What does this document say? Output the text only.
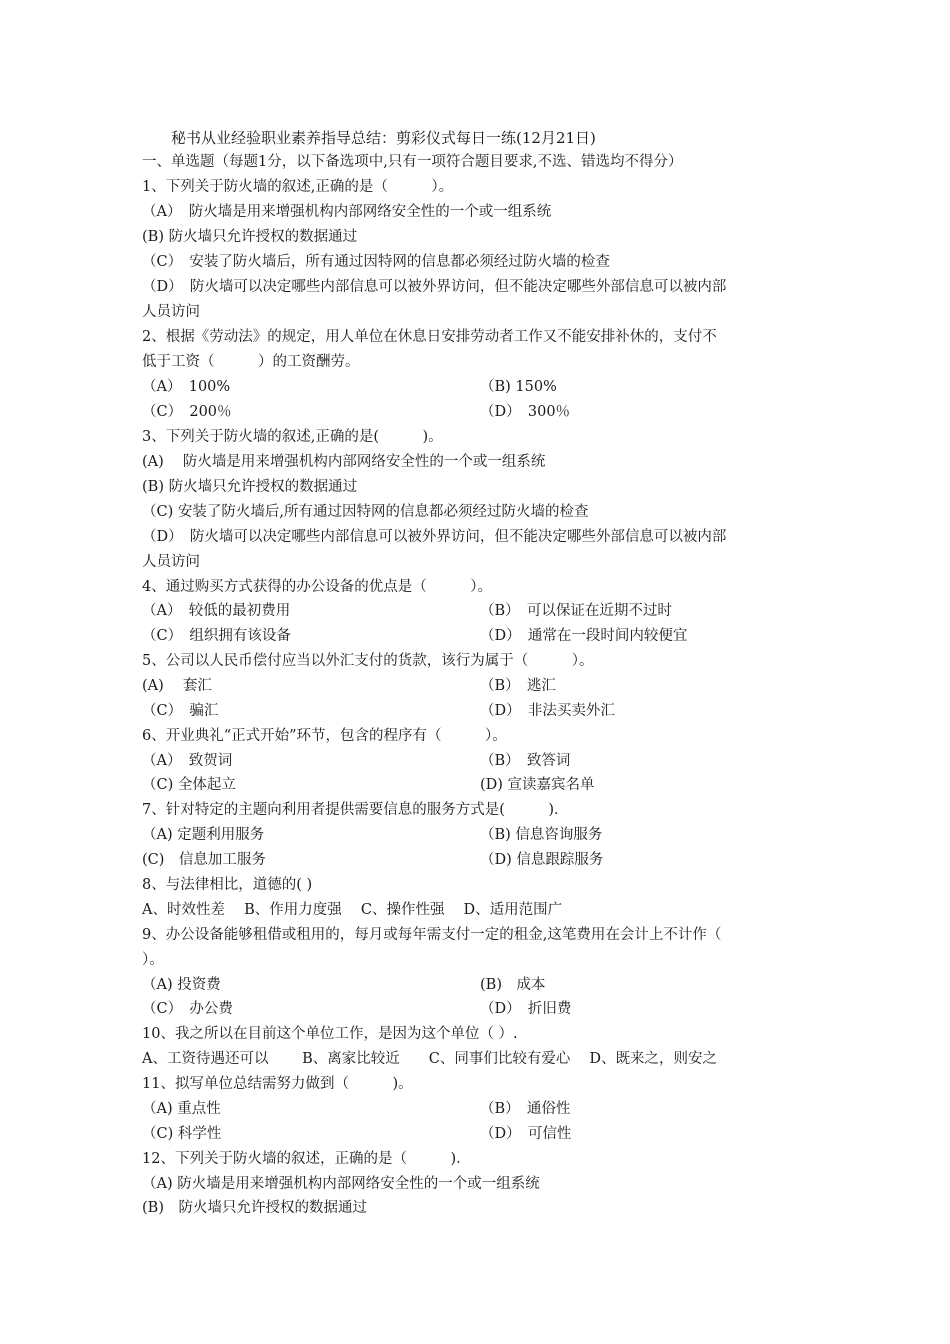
秘书从业经验职业素养指导总结：剪彩仪式每日一练(12月21日)
一、单选题（每题1分，以下备选项中,只有一项符合题目要求,不选、错选均不得分）
1、下列关于防火墙的叙述,正确的是（　　　）。
（A）　防火墙是用来增强机构内部网络安全性的一个或一组系统
(B) 防火墙只允许授权的数据通过
（C）　安装了防火墙后，所有通过因特网的信息都必须经过防火墙的检查
（D）　防火墙可以决定哪些内部信息可以被外界访问，但不能决定哪些外部信息可以被内部
人员访问
2、根据《劳动法》的规定，用人单位在休息日安排劳动者工作又不能安排补休的，支付不
低于工资（　　　）的工资酬劳。
（A）　100%	（B) 150%
（C）　200％	（D）　300％
3、下列关于防火墙的叙述,正确的是(　　　)。
(A)　 防火墙是用来增强机构内部网络安全性的一个或一组系统
(B) 防火墙只允许授权的数据通过
（C) 安装了防火墙后,所有通过因特网的信息都必须经过防火墙的检查
（D）　防火墙可以决定哪些内部信息可以被外界访问，但不能决定哪些外部信息可以被内部
人员访问
4、通过购买方式获得的办公设备的优点是（　　　）。
（A）　较低的最初费用	（B）　可以保证在近期不过时
（C）　组织拥有该设备	（D）　通常在一段时间内较便宜
5、公司以人民币偿付应当以外汇支付的货款，该行为属于（　　　）。
(A)　 套汇	（B）　逃汇
（C）　骗汇	（D）　非法买卖外汇
6、开业典礼“正式开始”环节，包含的程序有（　　　）。
（A）　致贺词	（B）　致答词
（C) 全体起立	(D) 宣读嘉宾名单
7、针对特定的主题向利用者提供需要信息的服务方式是(　　　)．
（A) 定题利用服务	（B) 信息咨询服务
(C)　信息加工服务	（D) 信息跟踪服务
8、与法律相比，道德的( )
A、时效性差　 B、作用力度强　 C、操作性强　 D、适用范围广
9、办公设备能够租借或租用的，每月或每年需支付一定的租金,这笔费用在会计上不计作（
）。
（A) 投资费	(B)　成本
（C）　办公费	（D）　折旧费
10、我之所以在目前这个单位工作，是因为这个单位（ ）.
A、工资待遇还可以　　 B、离家比较近　　C、同事们比较有爱心　 D、既来之，则安之
11、拟写单位总结需努力做到（　　　)。
（A) 重点性	（B）　通俗性
（C) 科学性	（D）　可信性
12、下列关于防火墙的叙述，正确的是（　　　)．
（A) 防火墙是用来增强机构内部网络安全性的一个或一组系统
(B)　防火墙只允许授权的数据通过
